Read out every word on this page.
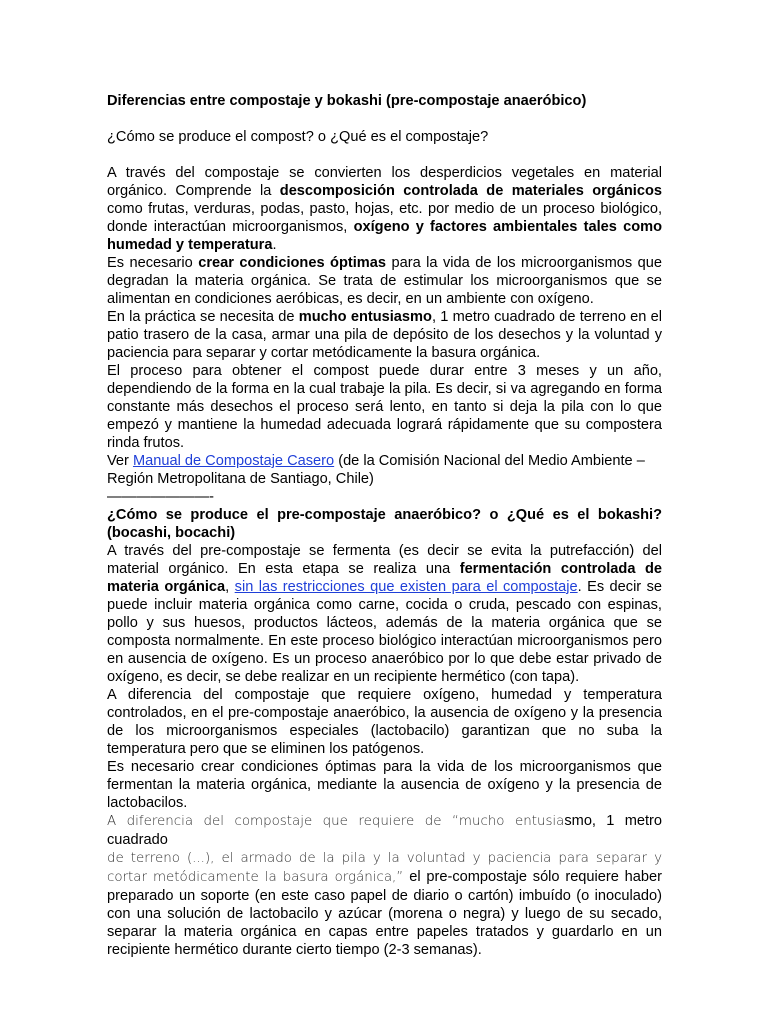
Diferencias entre compostaje y bokashi (pre-compostaje anaeróbico)

¿Cómo se produce el compost? o ¿Qué es el compostaje?

A través del compostaje se convierten los desperdicios vegetales en material orgánico. Comprende la descomposición controlada de materiales orgánicos como frutas, verduras, podas, pasto, hojas, etc. por medio de un proceso biológico, donde interactúan microorganismos, oxígeno y factores ambientales tales como humedad y temperatura.

Es necesario crear condiciones óptimas para la vida de los microorganismos que degradan la materia orgánica. Se trata de estimular los microorganismos que se alimentan en condiciones aeróbicas, es decir, en un ambiente con oxígeno.

En la práctica se necesita de mucho entusiasmo, 1 metro cuadrado de terreno en el patio trasero de la casa, armar una pila de depósito de los desechos y la voluntad y paciencia para separar y cortar metódicamente la basura orgánica.

El proceso para obtener el compost puede durar entre 3 meses y un año, dependiendo de la forma en la cual trabaje la pila. Es decir, si va agregando en forma constante más desechos el proceso será lento, en tanto si deja la pila con lo que empezó y mantiene la humedad adecuada logrará rápidamente que su compostera rinda frutos.

Ver Manual de Compostaje Casero (de la Comisión Nacional del Medio Ambiente – Región Metropolitana de Santiago, Chile)

———————-

¿Cómo se produce el pre-compostaje anaeróbico? o ¿Qué es el bokashi? (bocashi, bocachi)

A través del pre-compostaje se fermenta (es decir se evita la putrefacción) del material orgánico. En esta etapa se realiza una fermentación controlada de materia orgánica, sin las restricciones que existen para el compostaje. Es decir se puede incluir materia orgánica como carne, cocida o cruda, pescado con espinas, pollo y sus huesos, productos lácteos, además de la materia orgánica que se composta normalmente. En este proceso biológico interactúan microorganismos pero en ausencia de oxígeno. Es un proceso anaeróbico por lo que debe estar privado de oxígeno, es decir, se debe realizar en un recipiente hermético (con tapa).

A diferencia del compostaje que requiere oxígeno, humedad y temperatura controlados, en el pre-compostaje anaeróbico, la ausencia de oxígeno y la presencia de los microorganismos especiales (lactobacilo) garantizan que no suba la temperatura pero que se eliminen los patógenos.

Es necesario crear condiciones óptimas para la vida de los microorganismos que fermentan la materia orgánica, mediante la ausencia de oxígeno y la presencia de lactobacilos.

A diferencia del compostaje que requiere de “mucho entusiasmo, 1 metro cuadrado
de terreno (...), el armado de la pila y la voluntad y paciencia para separar y cortar metódicamente la basura orgánica,” el pre-compostaje sólo requiere haber preparado un soporte (en este caso papel de diario o cartón) imbuído (o inoculado) con una solución de lactobacilo y azúcar (morena o negra) y luego de su secado, separar la materia orgánica en capas entre papeles tratados y guardarlo en un recipiente hermético durante cierto tiempo (2-3 semanas).
